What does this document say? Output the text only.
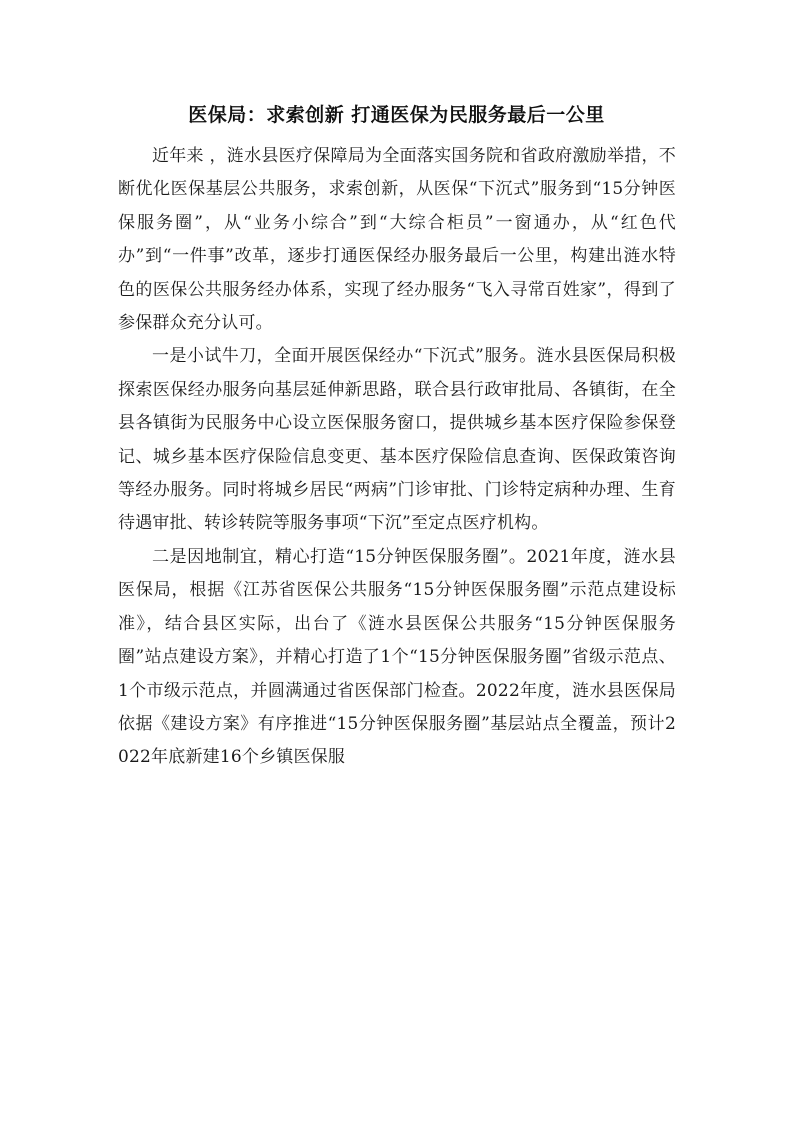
医保局：求索创新 打通医保为民服务最后一公里

近年来 ，涟水县医疗保障局为全面落实国务院和省政府激励举措，不断优化医保基层公共服务，求索创新，从医保“下沉式”服务到“15分钟医保服务圈”，从“业务小综合”到“大综合柜员”一窗通办，从“红色代办”到“一件事”改革，逐步打通医保经办服务最后一公里，构建出涟水特色的医保公共服务经办体系，实现了经办服务“飞入寻常百姓家”，得到了参保群众充分认可。

一是小试牛刀，全面开展医保经办“下沉式”服务。涟水县医保局积极探索医保经办服务向基层延伸新思路，联合县行政审批局、各镇街，在全县各镇街为民服务中心设立医保服务窗口，提供城乡基本医疗保险参保登记、城乡基本医疗保险信息变更、基本医疗保险信息查询、医保政策咨询等经办服务。同时将城乡居民“两病”门诊审批、门诊特定病种办理、生育待遇审批、转诊转院等服务事项“下沉”至定点医疗机构。

二是因地制宜，精心打造“15分钟医保服务圈”。2021年度，涟水县医保局，根据《江苏省医保公共服务“15分钟医保服务圈”示范点建设标准》，结合县区实际，出台了《涟水县医保公共服务“15分钟医保服务圈”站点建设方案》，并精心打造了1个“15分钟医保服务圈”省级示范点、1个市级示范点，并圆满通过省医保部门检查。2022年度，涟水县医保局依据《建设方案》有序推进“15分钟医保服务圈”基层站点全覆盖，预计2022年底新建16个乡镇医保服
